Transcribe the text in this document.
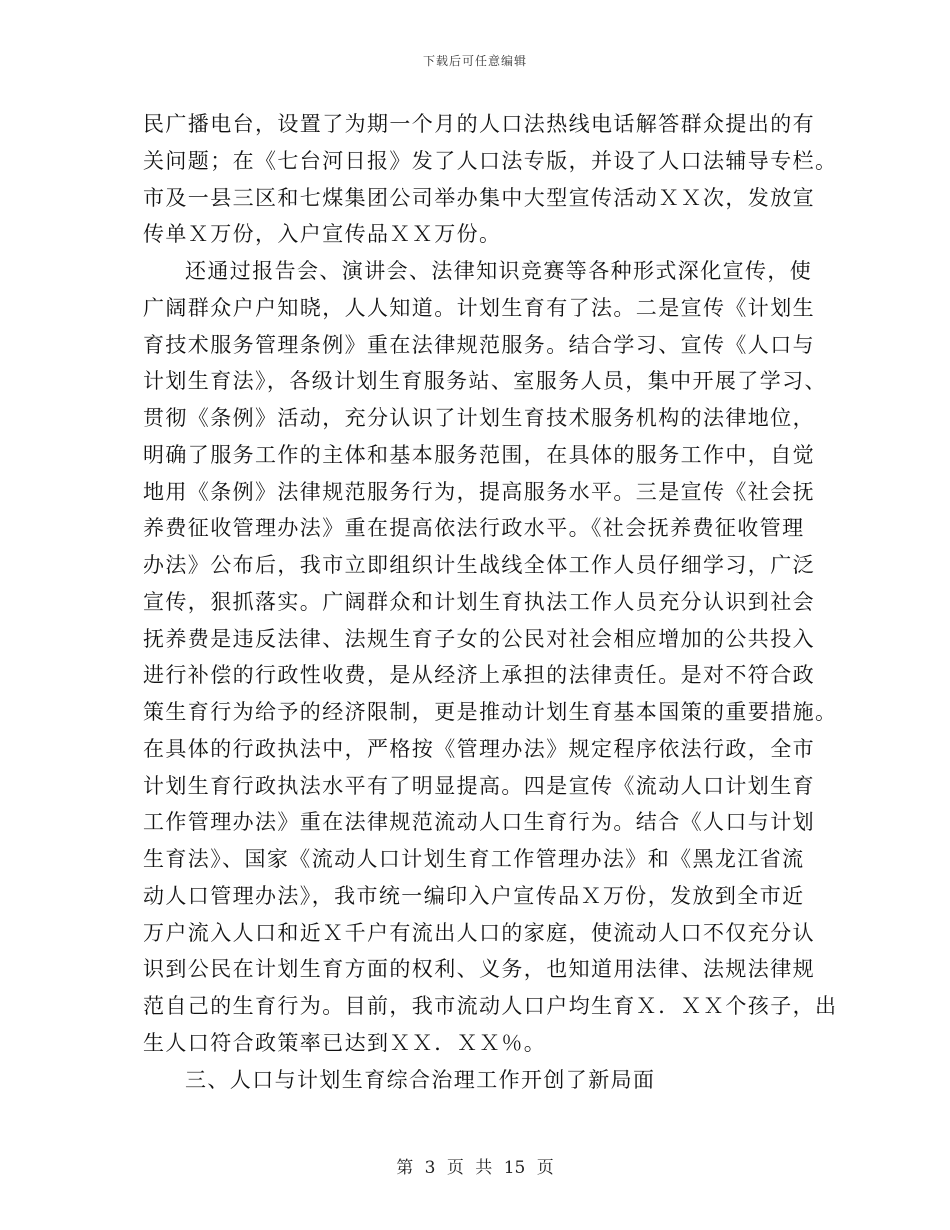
下载后可任意编辑
民广播电台，设置了为期一个月的人口法热线电话解答群众提出的有
关问题；在《七台河日报》发了人口法专版，并设了人口法辅导专栏。
市及一县三区和七煤集团公司举办集中大型宣传活动ＸＸ次，发放宣
传单Ｘ万份，入户宣传品ＸＸ万份。
还通过报告会、演讲会、法律知识竞赛等各种形式深化宣传，使
广阔群众户户知晓，人人知道。计划生育有了法。二是宣传《计划生
育技术服务管理条例》重在法律规范服务。结合学习、宣传《人口与
计划生育法》，各级计划生育服务站、室服务人员，集中开展了学习、
贯彻《条例》活动，充分认识了计划生育技术服务机构的法律地位，
明确了服务工作的主体和基本服务范围，在具体的服务工作中，自觉
地用《条例》法律规范服务行为，提高服务水平。三是宣传《社会抚
养费征收管理办法》重在提高依法行政水平。《社会抚养费征收管理
办法》公布后，我市立即组织计生战线全体工作人员仔细学习，广泛
宣传，狠抓落实。广阔群众和计划生育执法工作人员充分认识到社会
抚养费是违反法律、法规生育子女的公民对社会相应增加的公共投入
进行补偿的行政性收费，是从经济上承担的法律责任。是对不符合政
策生育行为给予的经济限制，更是推动计划生育基本国策的重要措施。
在具体的行政执法中，严格按《管理办法》规定程序依法行政，全市
计划生育行政执法水平有了明显提高。四是宣传《流动人口计划生育
工作管理办法》重在法律规范流动人口生育行为。结合《人口与计划
生育法》、国家《流动人口计划生育工作管理办法》和《黑龙江省流
动人口管理办法》，我市统一编印入户宣传品Ｘ万份，发放到全市近
万户流入人口和近Ｘ千户有流出人口的家庭，使流动人口不仅充分认
识到公民在计划生育方面的权利、义务，也知道用法律、法规法律规
范自己的生育行为。目前，我市流动人口户均生育Ｘ．ＸＸ个孩子，出
生人口符合政策率已达到ＸＸ．ＸＸ％。
三、人口与计划生育综合治理工作开创了新局面
第 3 页 共 15 页
